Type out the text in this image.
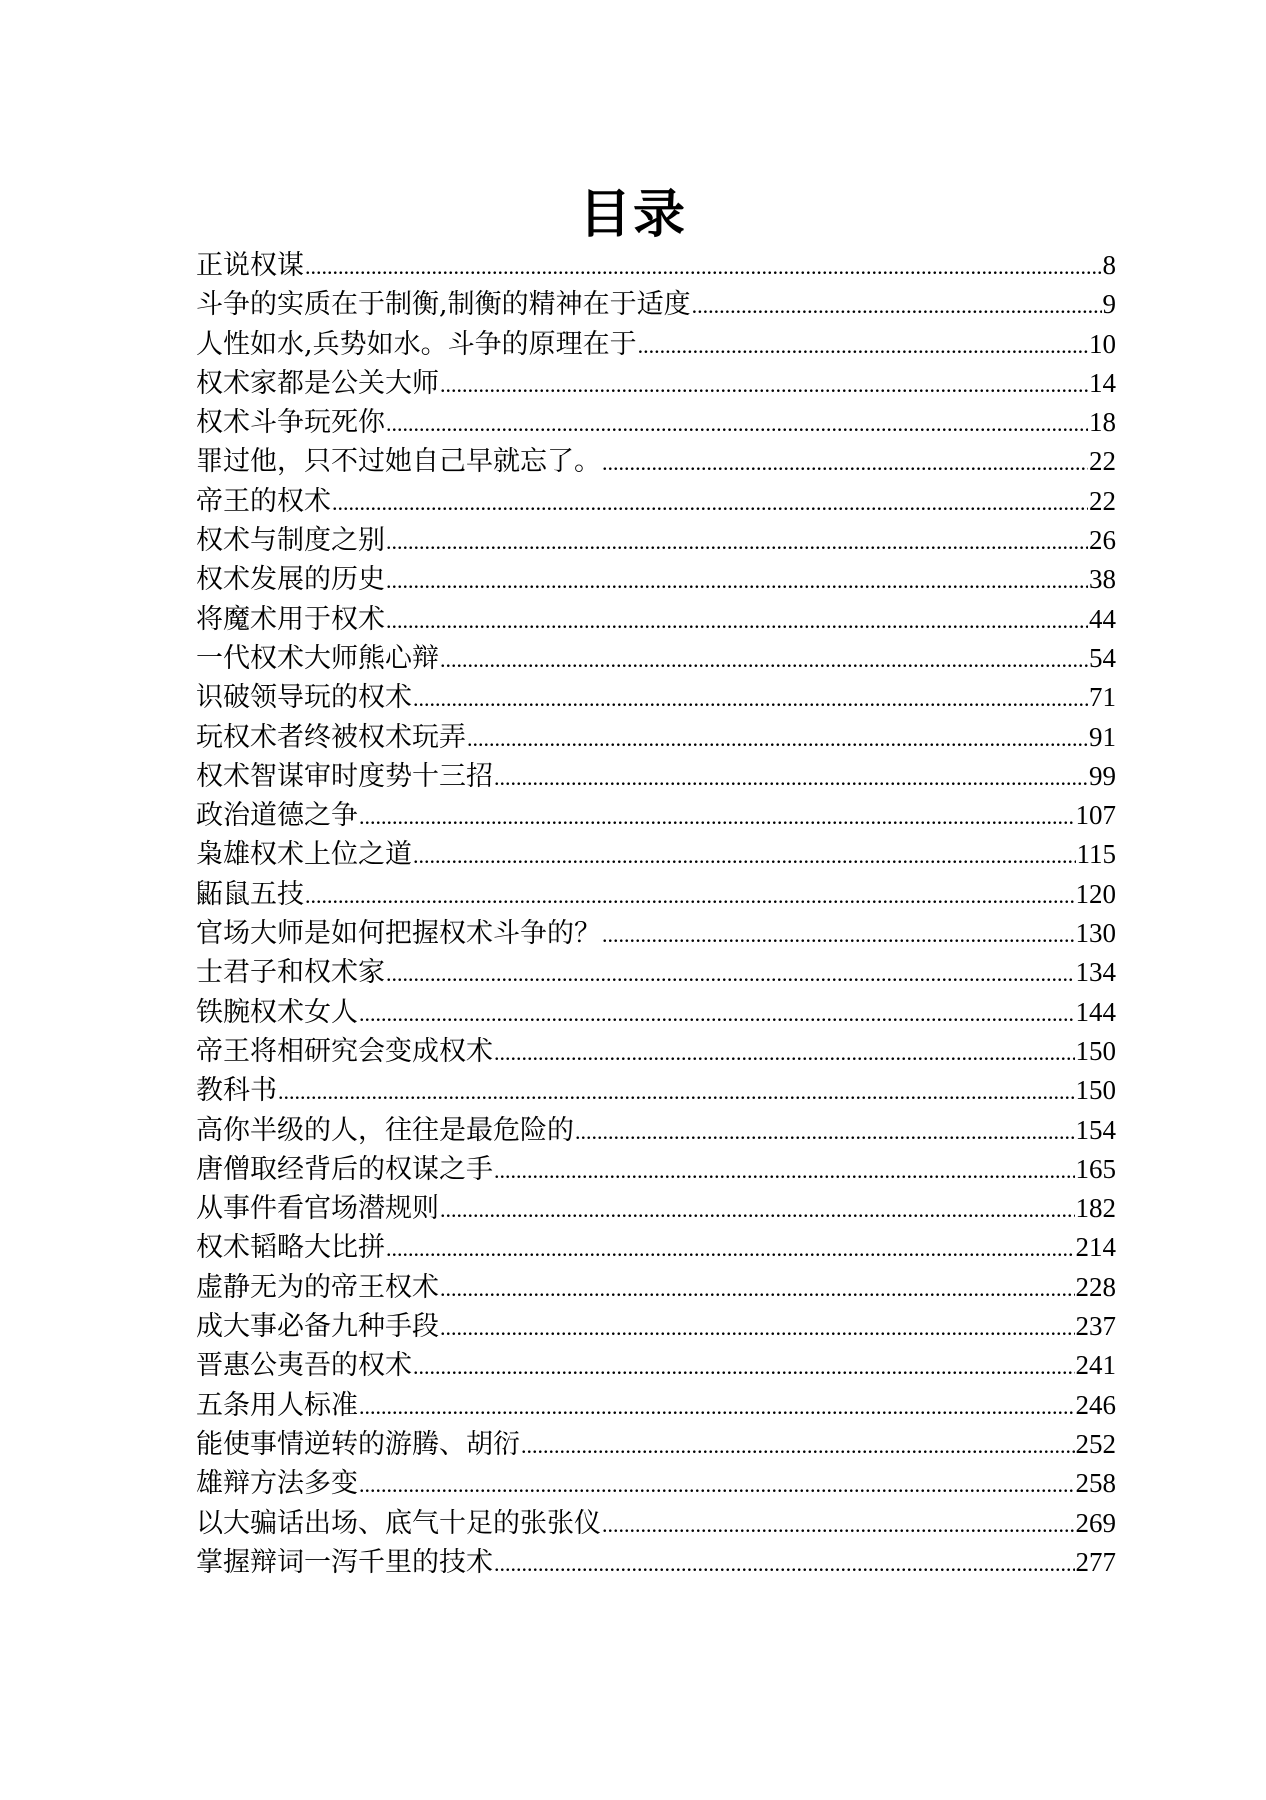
目录
正说权谋 .....	8
斗争的实质在于制衡,制衡的精神在于适度 .....	9
人性如水,兵势如水。斗争的原理在于 .....	10
权术家都是公关大师 .....	14
权术斗争玩死你 .....	18
罪过他，只不过她自己早就忘了。 .....	22
帝王的权术 .....	22
权术与制度之别 .....	26
权术发展的历史 .....	38
将魔术用于权术 .....	44
一代权术大师熊心辩 .....	54
识破领导玩的权术 .....	71
玩权术者终被权术玩弄 .....	91
权术智谋审时度势十三招 .....	99
政治道德之争 .....	107
枭雄权术上位之道 .....	115
鼫鼠五技 .....	120
官场大师是如何把握权术斗争的？ .....	130
士君子和权术家 .....	134
铁腕权术女人 .....	144
帝王将相研究会变成权术 .....	150
教科书 .....	150
高你半级的人，往往是最危险的 .....	154
唐僧取经背后的权谋之手 .....	165
从事件看官场潜规则 .....	182
权术韬略大比拼 .....	214
虚静无为的帝王权术 .....	228
成大事必备九种手段 .....	237
晋惠公夷吾的权术 .....	241
五条用人标准 .....	246
能使事情逆转的游腾、胡衍 .....	252
雄辩方法多变 .....	258
以大骗话出场、底气十足的张张仪 .....	269
掌握辩词一泻千里的技术 .....	277
